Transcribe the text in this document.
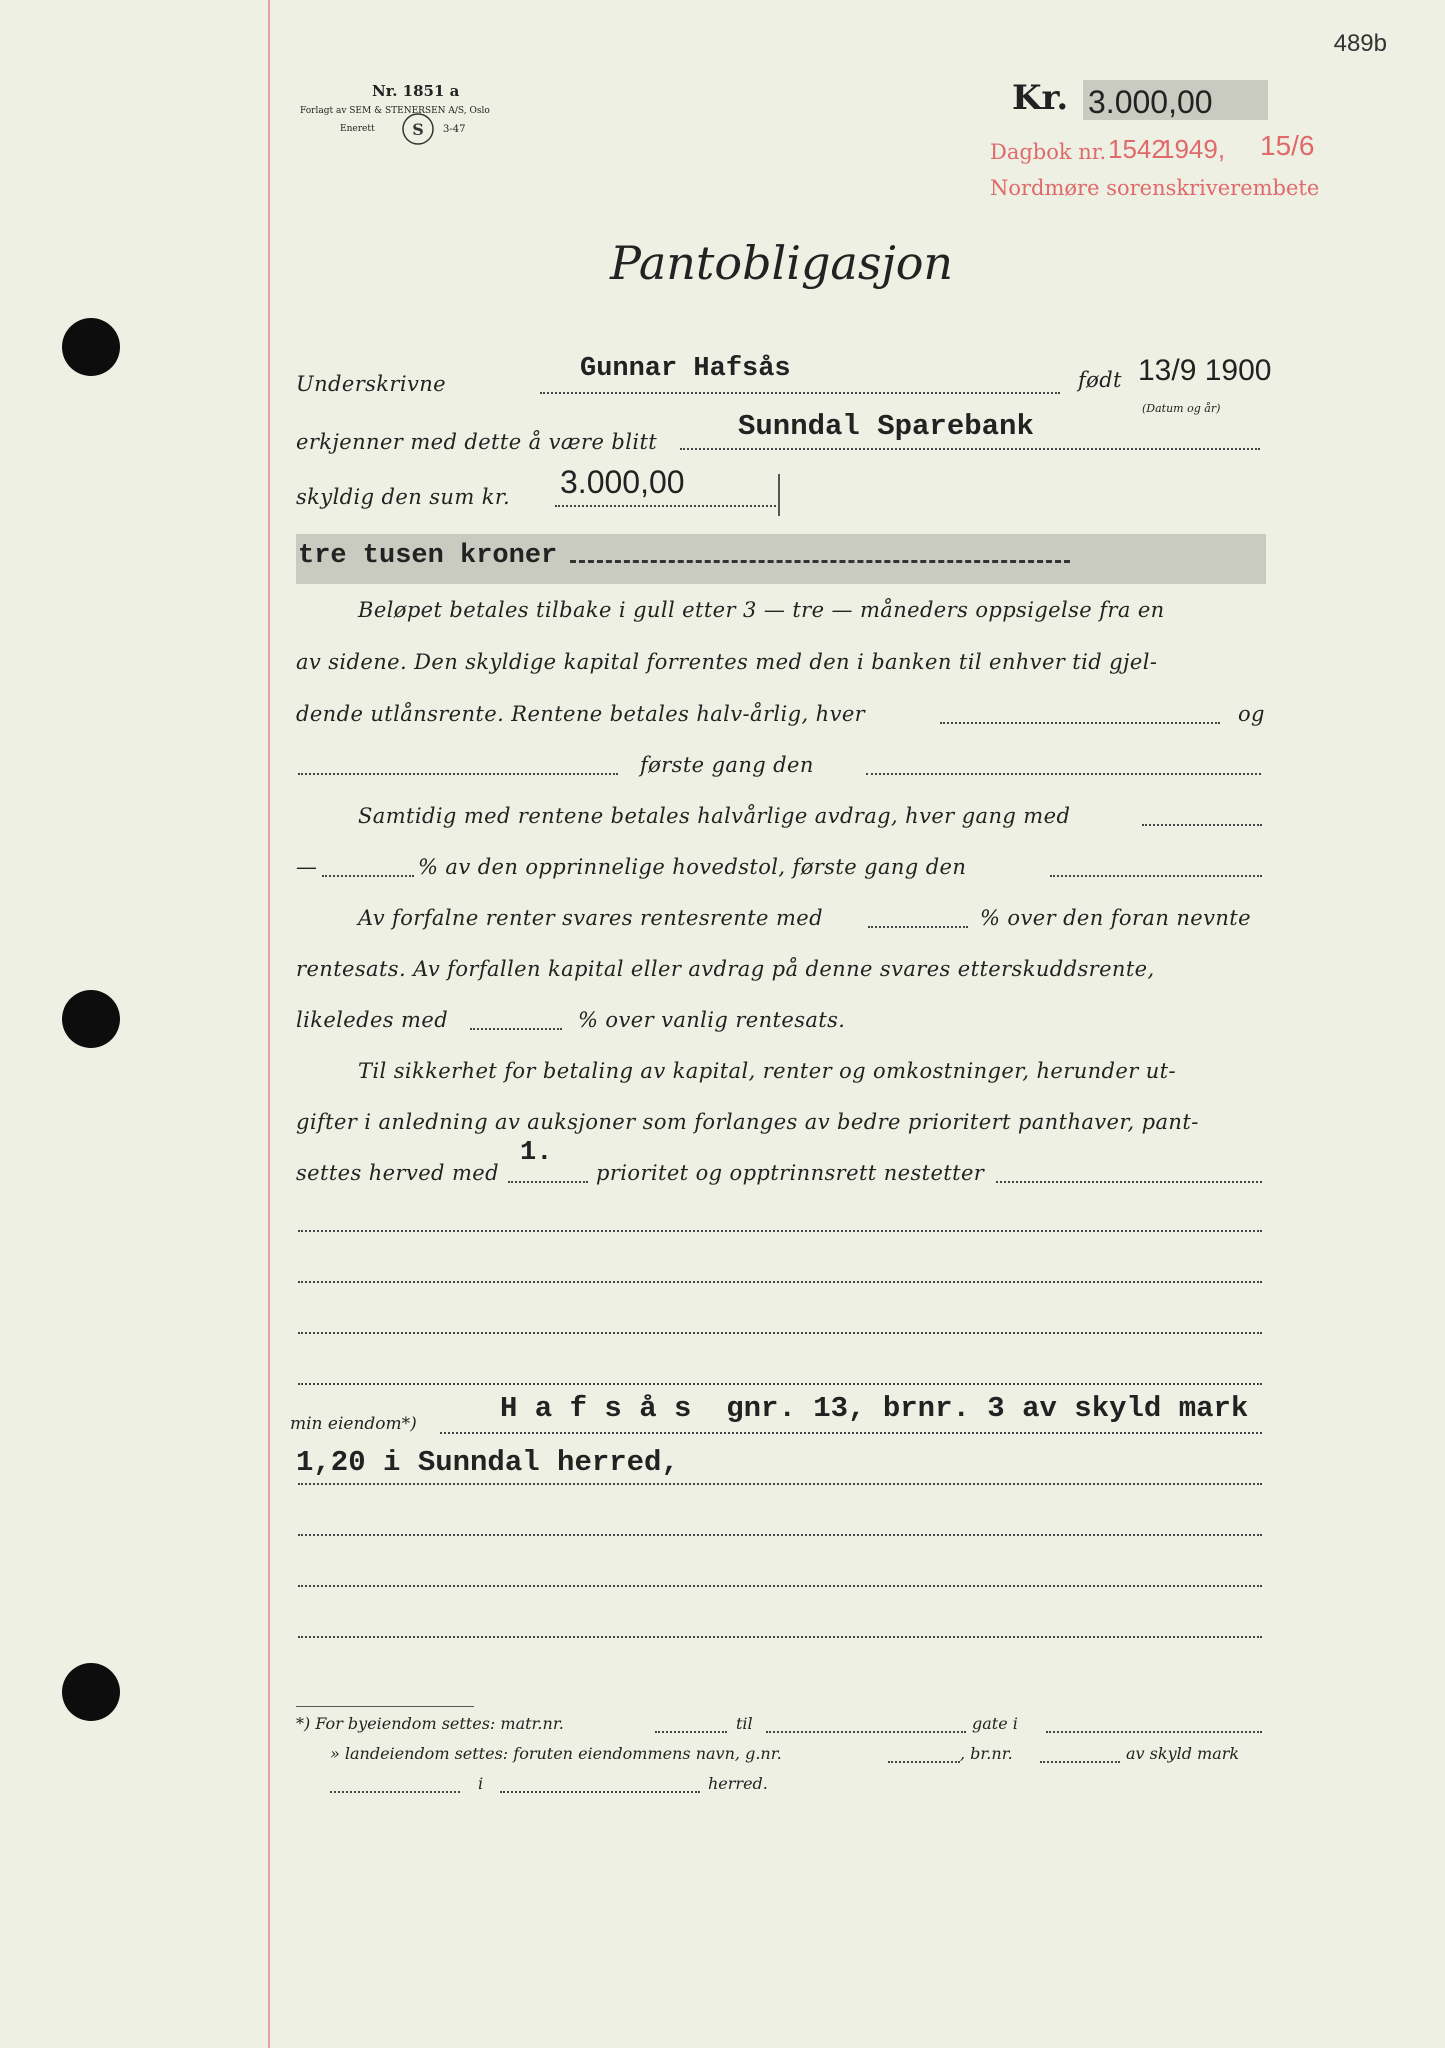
489b
Nr. 1851 a
Forlagt av SEM & STENERSEN A/S, Oslo
Enerett S 3-47
Kr. 3.000,00
Dagbok nr. 1542
1949, 15/6
Nordmøre sorenskriverembete
Pantobligasjon
Underskrivne	Gunnar Hafsås	født 13/9 1900
(Datum og år)
erkjenner med dette å være blitt	Sunndal Sparebank
skyldig den sum kr. 3.000,00
tre tusen kroner
Beløpet betales tilbake i gull etter 3 — tre — måneders oppsigelse fra en
av sidene. Den skyldige kapital forrentes med den i banken til enhver tid gjel-
dende utlånsrente. Rentene betales halv-årlig, hver	og
første gang den
Samtidig med rentene betales halvårlige avdrag, hver gang med
—	% av den opprinnelige hovedstol, første gang den
Av forfalne renter svares rentesrente med	% over den foran nevnte
rentesats. Av forfallen kapital eller avdrag på denne svares etterskuddsrente,
likeledes med	% over vanlig rentesats.
Til sikkerhet for betaling av kapital, renter og omkostninger, herunder ut-
gifter i anledning av auksjoner som forlanges av bedre prioritert panthaver, pant-
settes herved med
1.
prioritet og opptrinnsrett nestetter
min eiendom*)	H a f s å s  gnr. 13, brnr. 3 av skyld mark
1,20 i Sunndal herred,
*) For byeiendom settes: matr.nr.	til	gate i
» landeiendom settes: foruten eiendommens navn, g.nr.	, br.nr.	av skyld mark
i	herred.
